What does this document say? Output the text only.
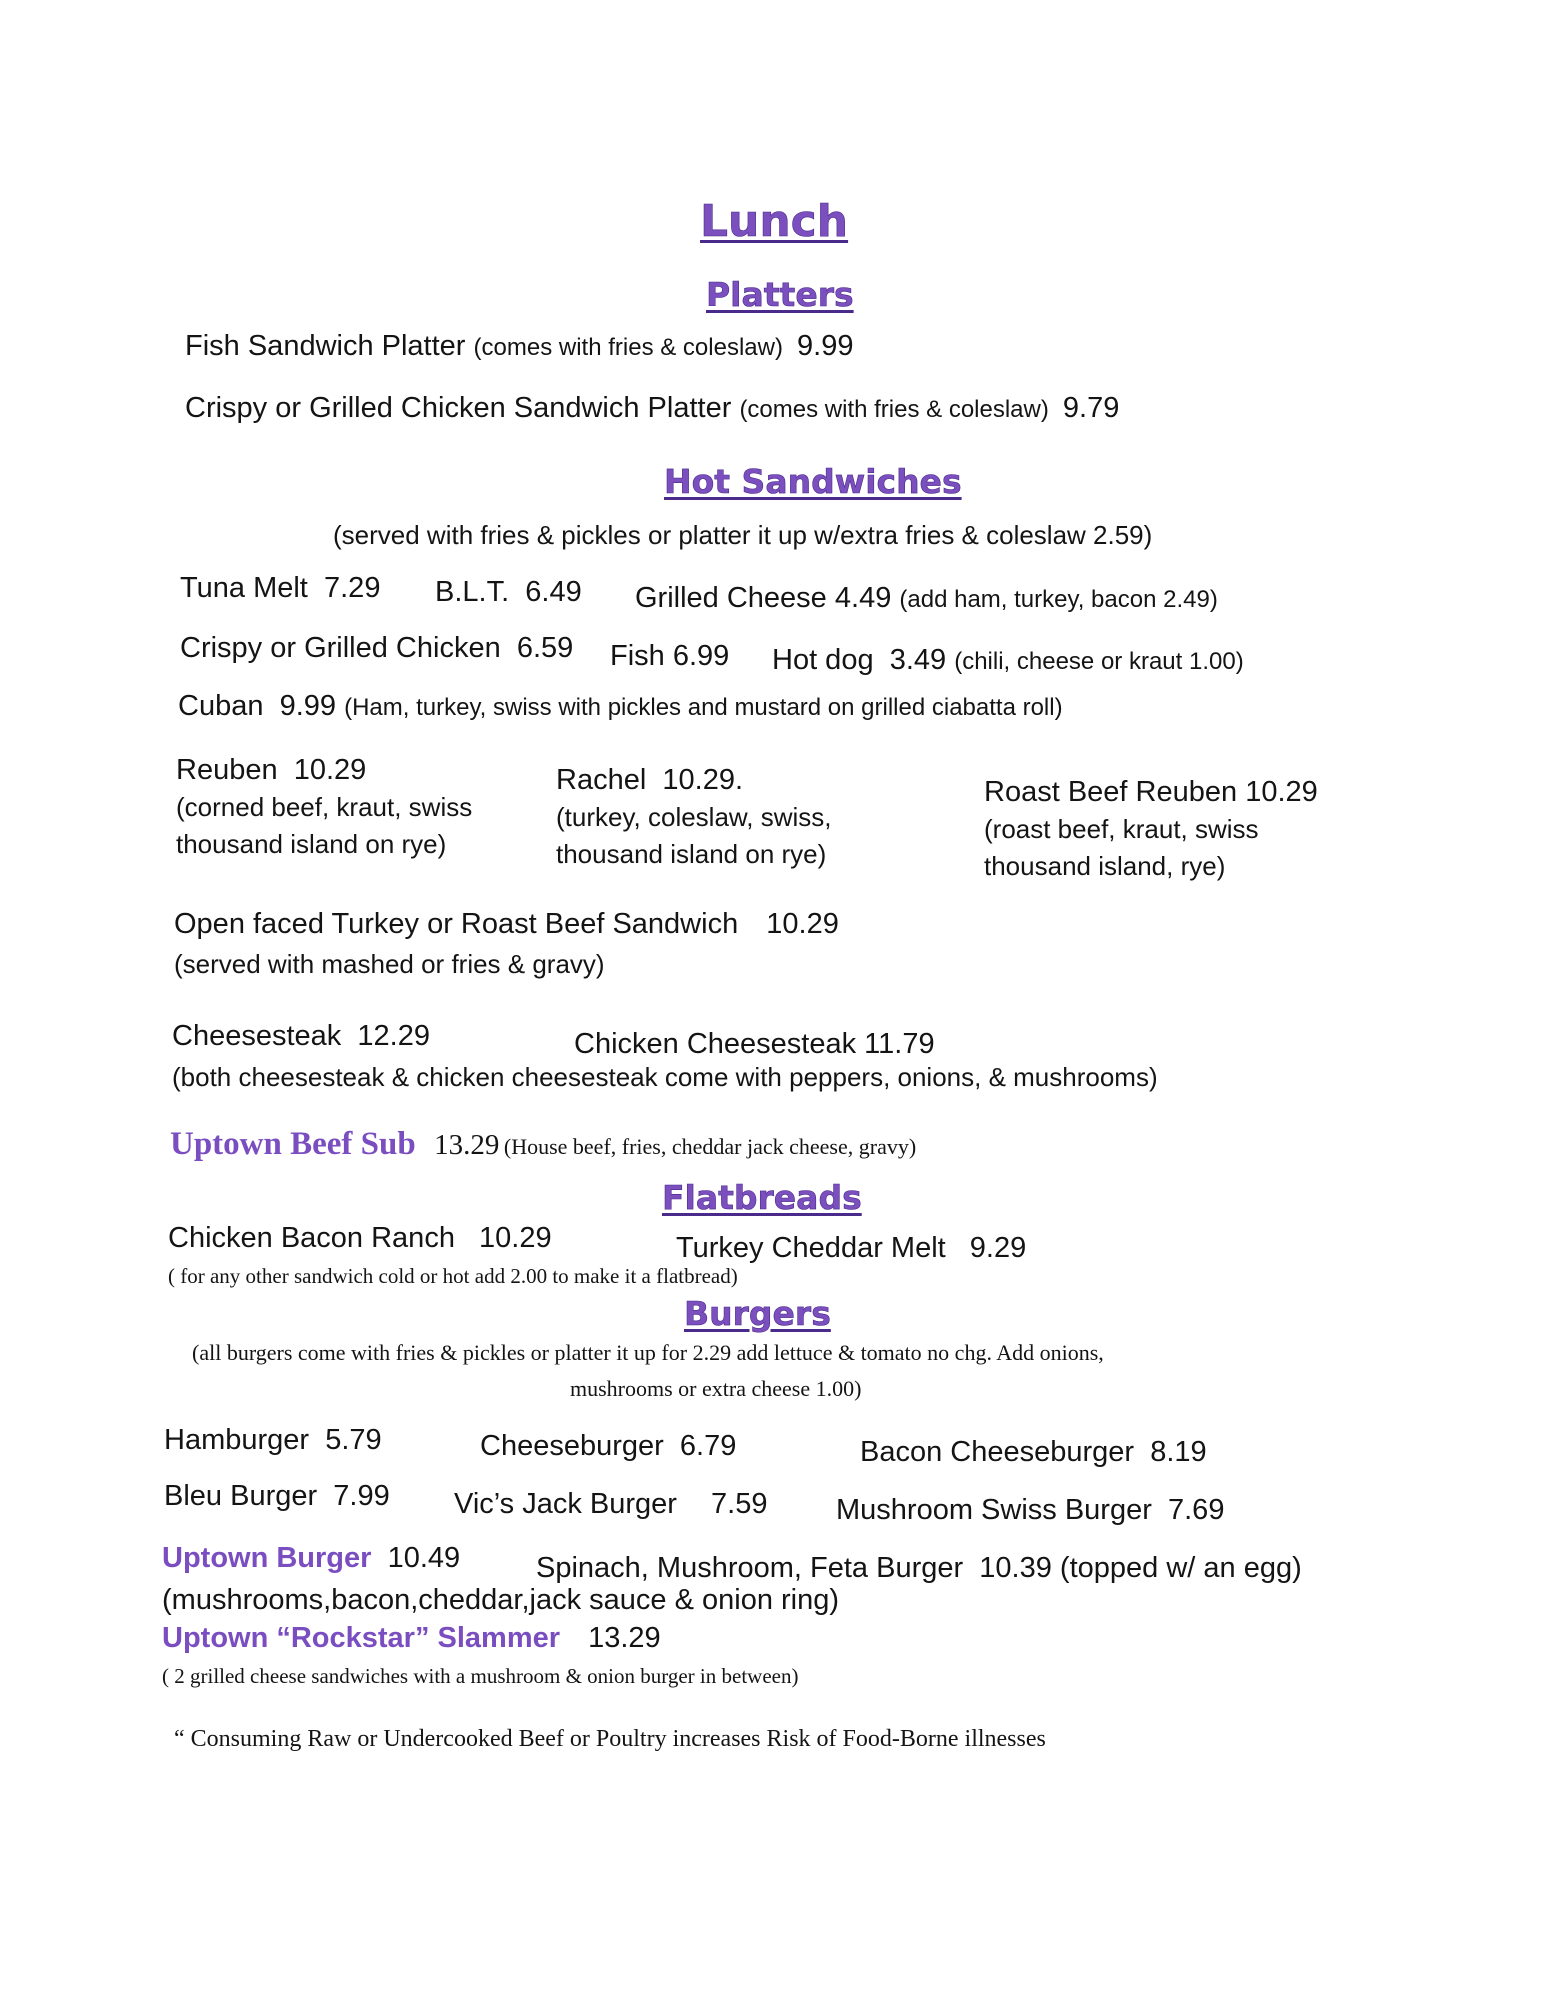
Lunch
Platters
Fish Sandwich Platter (comes with fries & coleslaw) 9.99
Crispy or Grilled Chicken Sandwich Platter (comes with fries & coleslaw) 9.79
Hot Sandwiches
(served with fries & pickles or platter it up w/extra fries & coleslaw 2.59)
Tuna Melt 7.29 B.L.T. 6.49 Grilled Cheese 4.49 (add ham, turkey, bacon 2.49)
Crispy or Grilled Chicken 6.59 Fish 6.99 Hot dog 3.49 (chili, cheese or kraut 1.00)
Cuban 9.99 (Ham, turkey, swiss with pickles and mustard on grilled ciabatta roll)
Reuben 10.29
(corned beef, kraut, swiss
thousand island on rye)
Rachel 10.29.
(turkey, coleslaw, swiss,
thousand island on rye)
Roast Beef Reuben 10.29
(roast beef, kraut, swiss
thousand island, rye)
Open faced Turkey or Roast Beef Sandwich 10.29
(served with mashed or fries & gravy)
Cheesesteak 12.29	Chicken Cheesesteak 11.79
(both cheesesteak & chicken cheesesteak come with peppers, onions, & mushrooms)
Uptown Beef Sub 13.29 (House beef, fries, cheddar jack cheese, gravy)
Flatbreads
Chicken Bacon Ranch 10.29	Turkey Cheddar Melt 9.29
( for any other sandwich cold or hot add 2.00 to make it a flatbread)
Burgers
(all burgers come with fries & pickles or platter it up for 2.29 add lettuce & tomato no chg. Add onions,
mushrooms or extra cheese 1.00)
Hamburger 5.79	Cheeseburger 6.79	Bacon Cheeseburger 8.19
Bleu Burger 7.99 Vic’s Jack Burger 7.59 Mushroom Swiss Burger 7.69
Uptown Burger 10.49	Spinach, Mushroom, Feta Burger 10.39 (topped w/ an egg)
(mushrooms,bacon,cheddar,jack sauce & onion ring)
Uptown “Rockstar” Slammer 13.29
( 2 grilled cheese sandwiches with a mushroom & onion burger in between)
“ Consuming Raw or Undercooked Beef or Poultry increases Risk of Food-Borne illnesses
